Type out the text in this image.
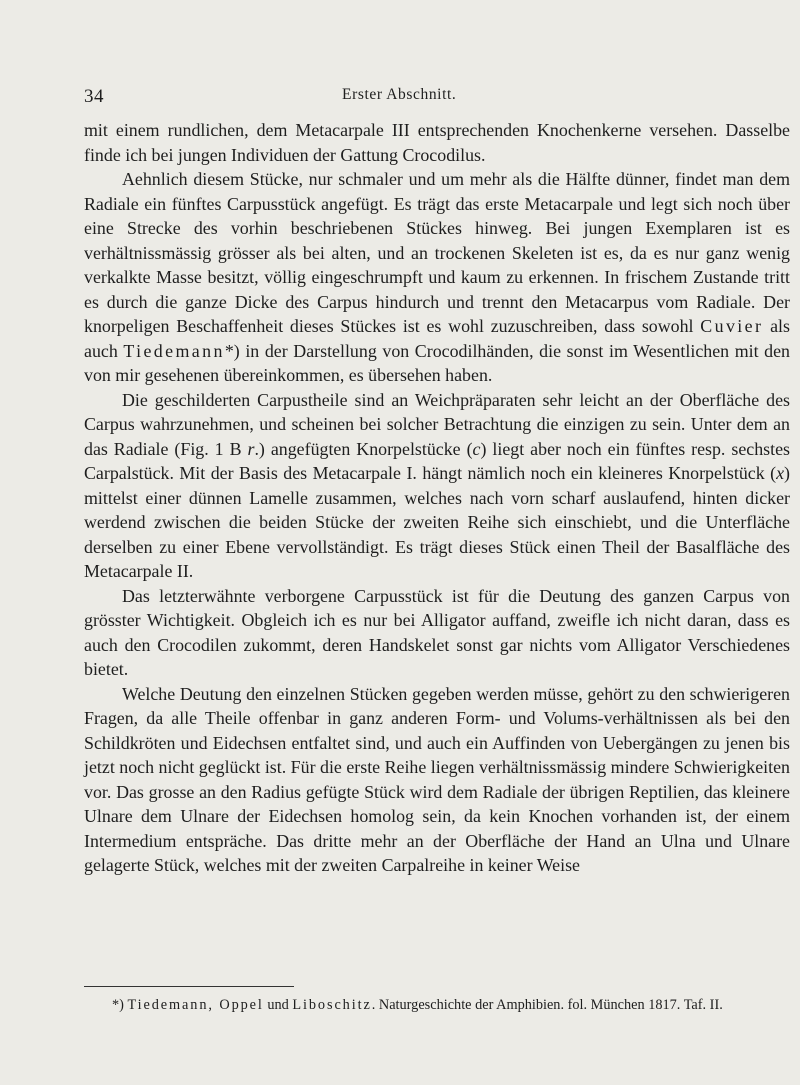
34	Erster Abschnitt.

mit einem rundlichen, dem Metacarpale III entsprechenden Knochenkerne versehen. Dasselbe finde ich bei jungen Individuen der Gattung Crocodilus.

Aehnlich diesem Stücke, nur schmaler und um mehr als die Hälfte dünner, findet man dem Radiale ein fünftes Carpusstück angefügt. Es trägt das erste Metacarpale und legt sich noch über eine Strecke des vorhin beschriebenen Stückes hinweg. Bei jungen Exemplaren ist es verhältnissmässig grösser als bei alten, und an trockenen Skeleten ist es, da es nur ganz wenig verkalkte Masse besitzt, völlig eingeschrumpft und kaum zu erkennen. In frischem Zustande tritt es durch die ganze Dicke des Carpus hindurch und trennt den Metacarpus vom Radiale. Der knorpeligen Beschaffenheit dieses Stückes ist es wohl zuzuschreiben, dass sowohl Cuvier als auch Tiedemann*) in der Darstellung von Crocodilhänden, die sonst im Wesentlichen mit den von mir gesehenen übereinkommen, es übersehen haben.

Die geschilderten Carpustheile sind an Weichpräparaten sehr leicht an der Oberfläche des Carpus wahrzunehmen, und scheinen bei solcher Betrachtung die einzigen zu sein. Unter dem an das Radiale (Fig. 1 B r.) angefügten Knorpelstücke (c) liegt aber noch ein fünftes resp. sechstes Carpalstück. Mit der Basis des Metacarpale I. hängt nämlich noch ein kleineres Knorpelstück (x) mittelst einer dünnen Lamelle zusammen, welches nach vorn scharf auslaufend, hinten dicker werdend zwischen die beiden Stücke der zweiten Reihe sich einschiebt, und die Unterfläche derselben zu einer Ebene vervollständigt. Es trägt dieses Stück einen Theil der Basalfläche des Metacarpale II.

Das letzterwähnte verborgene Carpusstück ist für die Deutung des ganzen Carpus von grösster Wichtigkeit. Obgleich ich es nur bei Alligator auffand, zweifle ich nicht daran, dass es auch den Crocodilen zukommt, deren Handskelet sonst gar nichts vom Alligator Verschiedenes bietet.

Welche Deutung den einzelnen Stücken gegeben werden müsse, gehört zu den schwierigeren Fragen, da alle Theile offenbar in ganz anderen Form- und Volums-verhältnissen als bei den Schildkröten und Eidechsen entfaltet sind, und auch ein Auffinden von Uebergängen zu jenen bis jetzt noch nicht geglückt ist. Für die erste Reihe liegen verhältnissmässig mindere Schwierigkeiten vor. Das grosse an den Radius gefügte Stück wird dem Radiale der übrigen Reptilien, das kleinere Ulnare dem Ulnare der Eidechsen homolog sein, da kein Knochen vorhanden ist, der einem Intermedium entspräche. Das dritte mehr an der Oberfläche der Hand an Ulna und Ulnare gelagerte Stück, welches mit der zweiten Carpalreihe in keiner Weise

*) Tiedemann, Oppel und Liboschitz. Naturgeschichte der Amphibien. fol. München 1817. Taf. II.
